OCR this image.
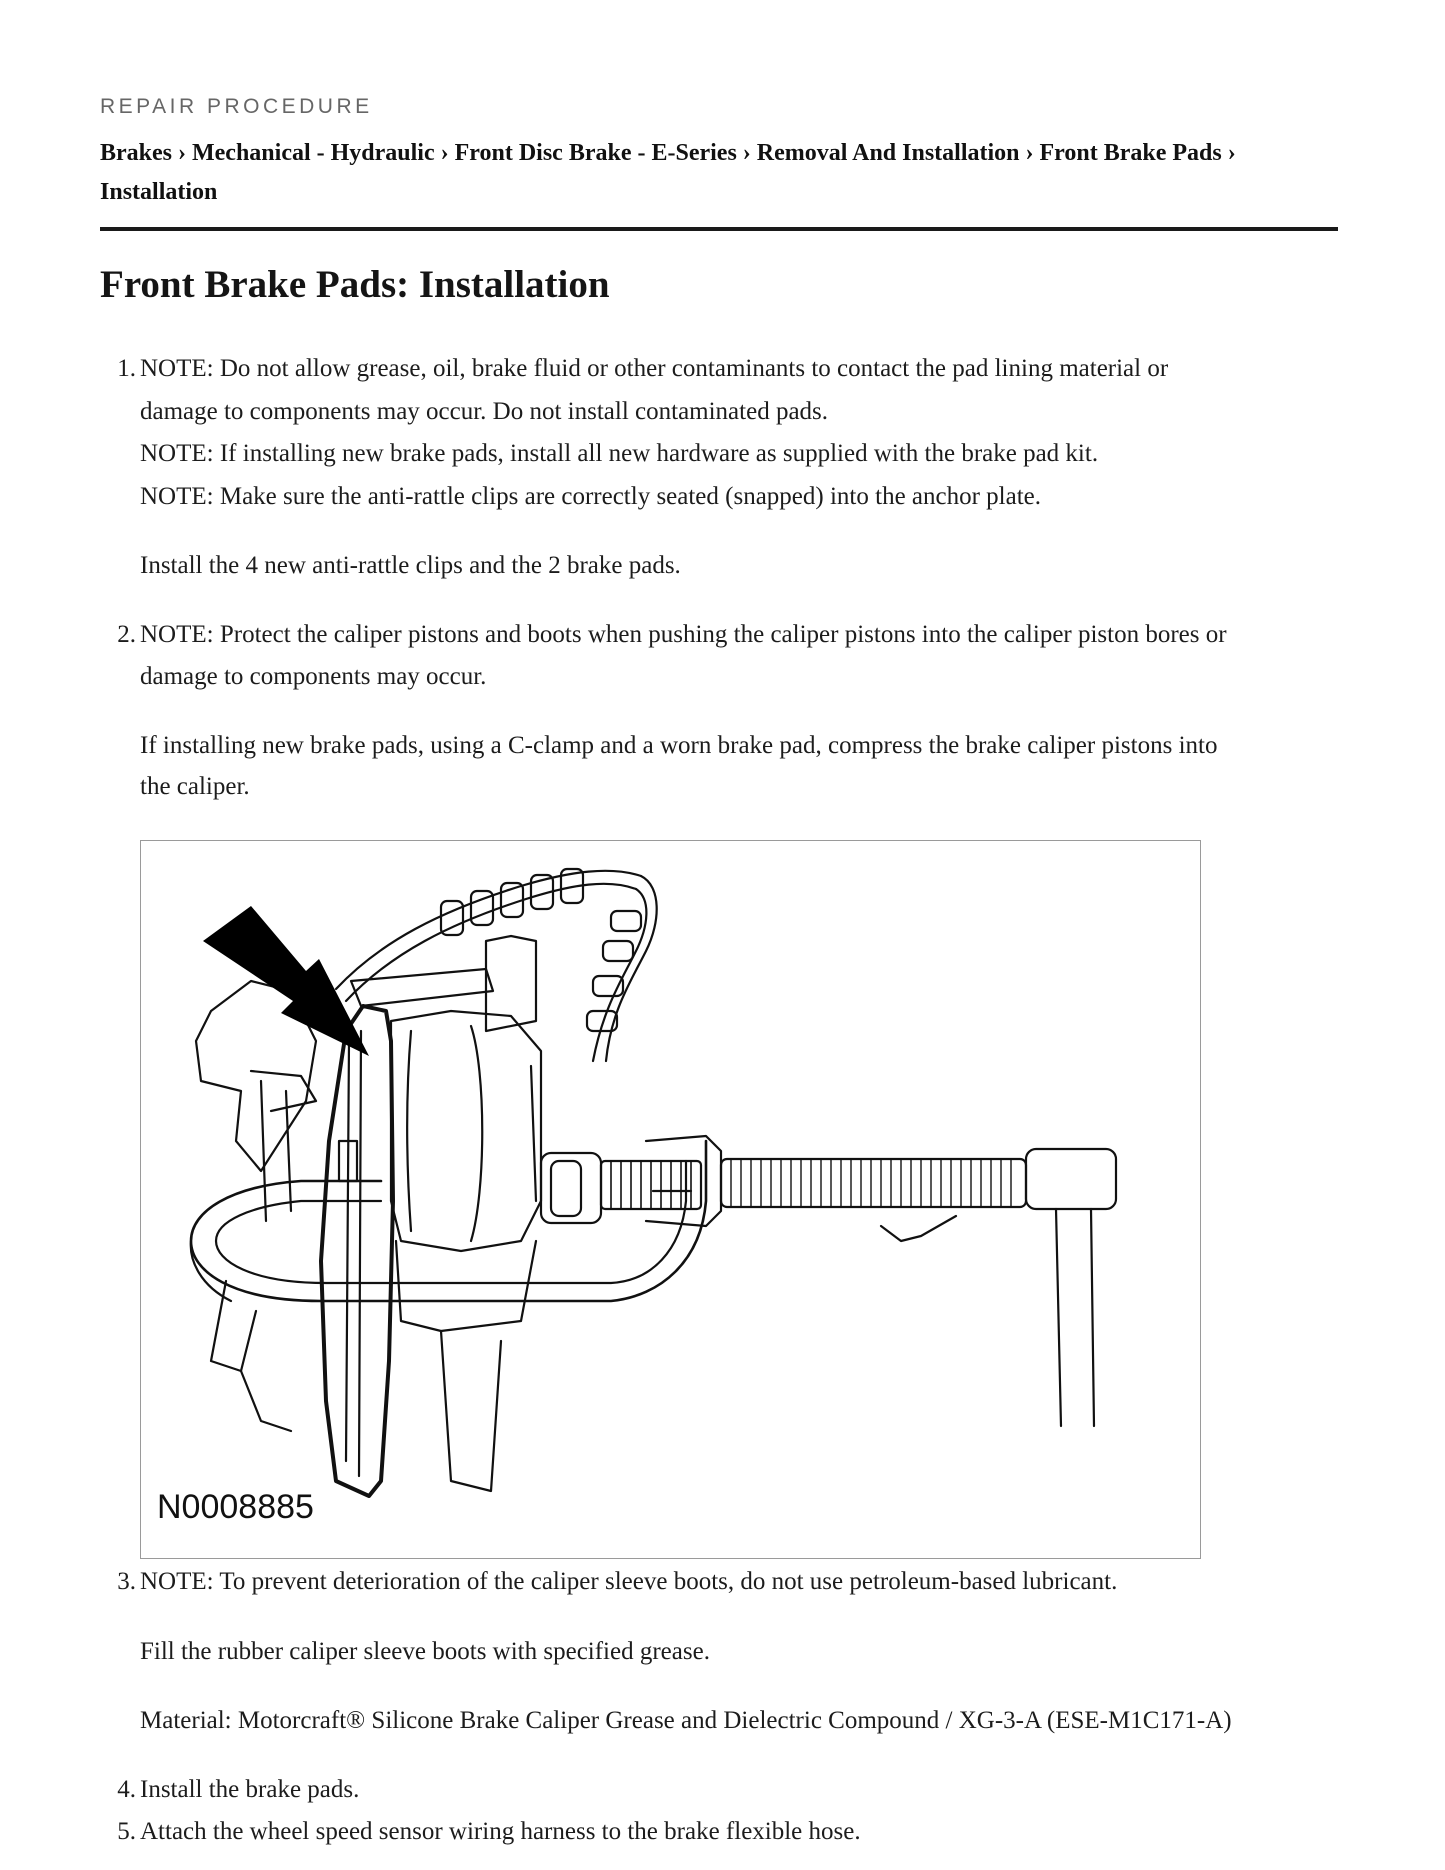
REPAIR PROCEDURE
Brakes › Mechanical - Hydraulic › Front Disc Brake - E-Series › Removal And Installation › Front Brake Pads ›
Installation
Front Brake Pads: Installation
1. NOTE: Do not allow grease, oil, brake fluid or other contaminants to contact the pad lining material or

damage to components may occur. Do not install contaminated pads.

NOTE: If installing new brake pads, install all new hardware as supplied with the brake pad kit.

NOTE: Make sure the anti-rattle clips are correctly seated (snapped) into the anchor plate.

Install the 4 new anti-rattle clips and the 2 brake pads.

2. NOTE: Protect the caliper pistons and boots when pushing the caliper pistons into the caliper piston bores or

damage to components may occur.

If installing new brake pads, using a C-clamp and a worn brake pad, compress the brake caliper pistons into

the caliper.

3. NOTE: To prevent deterioration of the caliper sleeve boots, do not use petroleum-based lubricant.

Fill the rubber caliper sleeve boots with specified grease.

Material: Motorcraft® Silicone Brake Caliper Grease and Dielectric Compound / XG-3-A (ESE-M1C171-A)

4. Install the brake pads.

5. Attach the wheel speed sensor wiring harness to the brake flexible hose.

N0008885
